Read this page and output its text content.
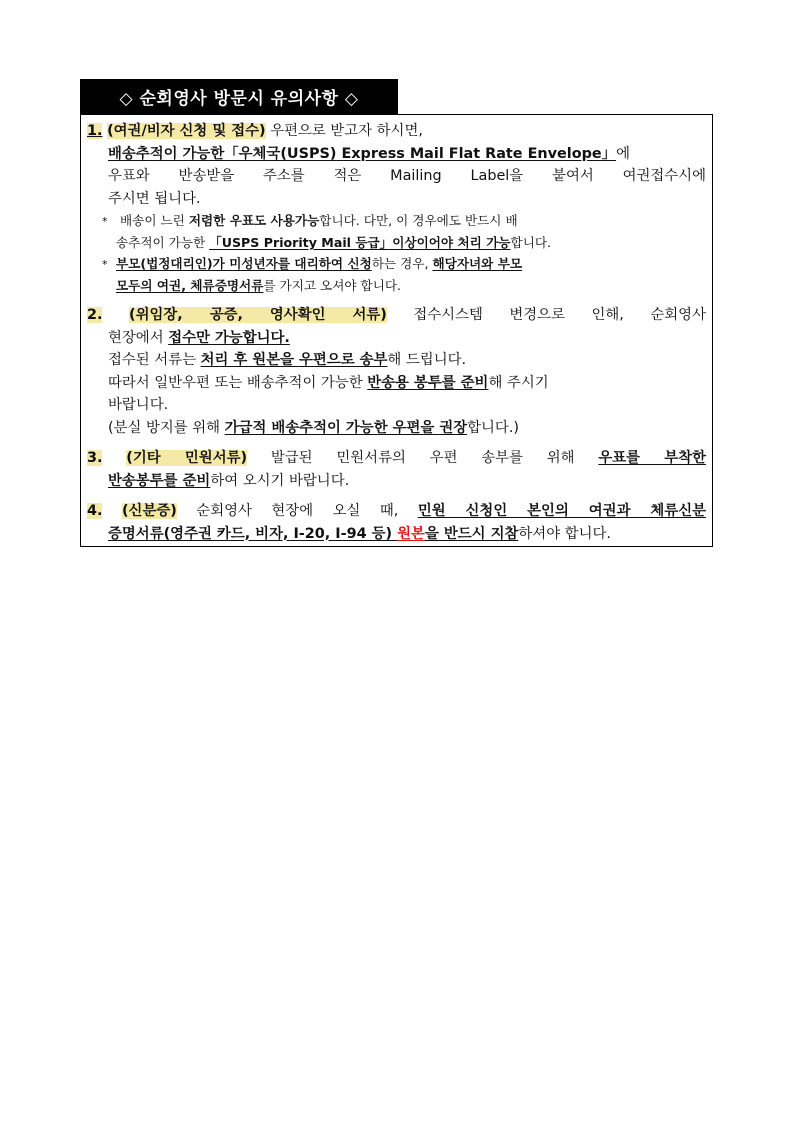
◇ 순회영사 방문시 유의사항 ◇
1. (여권/비자 신청 및 접수) 우편으로 받고자 하시면,
배송추적이 가능한「우체국(USPS) Express Mail Flat Rate Envelope」에
우표와 반송받을 주소를 적은 Mailing Label을 붙여서 여권접수시에
주시면 됩니다.
* 배송이 느린 저렴한 우표도 사용가능합니다. 다만, 이 경우에도 반드시 배
송추적이 가능한 「USPS Priority Mail 등급」이상이어야 처리 가능합니다.
* 부모(법정대리인)가 미성년자를 대리하여 신청하는 경우, 해당자녀와 부모
모두의 여권, 체류증명서류를 가지고 오셔야 합니다.
2. (위임장, 공증, 영사확인 서류) 접수시스템 변경으로 인해, 순회영사
현장에서 접수만 가능합니다.
접수된 서류는 처리 후 원본을 우편으로 송부해 드립니다.
따라서 일반우편 또는 배송추적이 가능한 반송용 봉투를 준비해 주시기
바랍니다.
(분실 방지를 위해 가급적 배송추적이 가능한 우편을 권장합니다.)
3. (기타 민원서류) 발급된 민원서류의 우편 송부를 위해 우표를 부착한
반송봉투를 준비하여 오시기 바랍니다.
4. (신분증) 순회영사 현장에 오실 때, 민원 신청인 본인의 여권과 체류신분
증명서류(영주권 카드, 비자, I-20, I-94 등) 원본을 반드시 지참하셔야 합니다.
